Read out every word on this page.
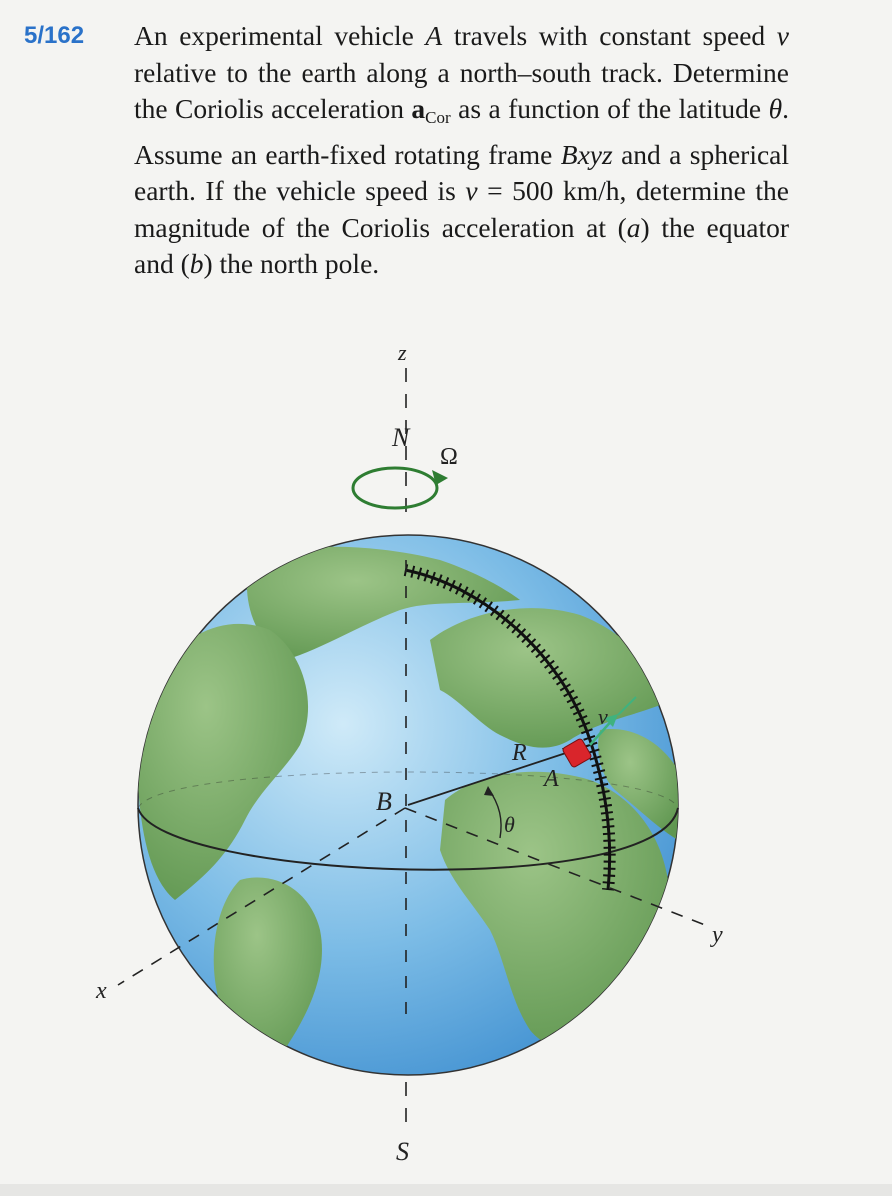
5/162 An experimental vehicle A travels with constant speed v relative to the earth along a north–south track. Determine the Coriolis acceleration $a_{Cor}$ as a function of the latitude θ. Assume an earth-fixed rotating frame Bxyz and a spherical earth. If the vehicle speed is v = 500 km/h, determine the magnitude of the Coriolis acceleration at (a) the equator and (b) the north pole.

z
N
Ω
v
R
A
B
θ
x
y
S
